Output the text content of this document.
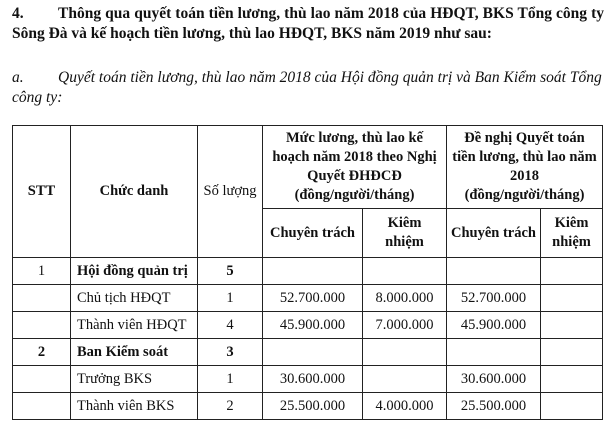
4. Thông qua quyết toán tiền lương, thù lao năm 2018 của HĐQT, BKS Tổng công ty Sông Đà và kế hoạch tiền lương, thù lao HĐQT, BKS năm 2019 như sau:
a. Quyết toán tiền lương, thù lao năm 2018 của Hội đồng quản trị và Ban Kiểm soát Tổng công ty:
STT	Chức danh	Số lượng	Mức lương, thù lao kế hoạch năm 2018 theo Nghị Quyết ĐHĐCĐ (đồng/người/tháng)		Đề nghị Quyết toán tiền lương, thù lao năm 2018 (đồng/người/tháng)	
			Chuyên trách	Kiêm nhiệm	Chuyên trách	Kiêm nhiệm
1	Hội đồng quản trị	5				
	Chủ tịch HĐQT	1	52.700.000	8.000.000	52.700.000	
	Thành viên HĐQT	4	45.900.000	7.000.000	45.900.000	
2	Ban Kiểm soát	3				
	Trưởng BKS	1	30.600.000		30.600.000	
	Thành viên BKS	2	25.500.000	4.000.000	25.500.000	
